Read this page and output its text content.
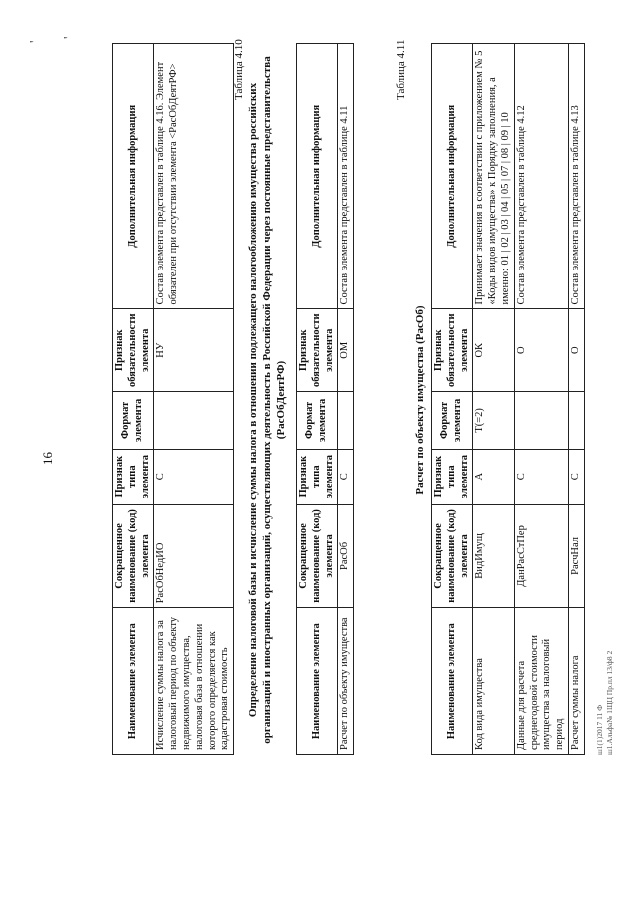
16
'
'
Наименование элемента	Сокращенное наименование (код) элемента	Признак типа элемента	Формат элемента	Признак обязательности элемента	Дополнительная информация
Исчисление суммы налога за налоговый период по объекту недвижимого имущества, налоговая база в отношении которого определяется как кадастровая стоимость	РасОбНедИО	С		НУ	Состав элемента представлен в таблице 4.16. Элемент обязателен при отсутствии элемента <РасОбДеятРФ>	Таблица 4.10
Определение налоговой базы и исчисление суммы налога в отношении подлежащего налогообложению имущества российских организаций и иностранных организаций, осуществляющих деятельность в Российской Федерации через постоянные представительства (РасОбДеятРФ)
Наименование элемента	Сокращенное наименование (код) элемента	Признак типа элемента	Формат элемента	Признак обязательности элемента	Дополнительная информация
Расчет по объекту имущества	РасОб	С		ОМ	Состав элемента представлен в таблице 4.11
Таблица 4.11
Расчет по объекту имущества (РасОб)
Наименование элемента	Сокращенное наименование (код) элемента	Признак типа элемента	Формат элемента	Признак обязательности элемента	Дополнительная информация
Код вида имущества	ВидИмущ	А	Т(=2)	ОК	Принимает значения в соответствии с приложением № 5 «Коды видов имущества» к Порядку заполнения, а именно: 01 | 02 | 03 | 04 | 05 | 07 | 08 | 09 | 10
Данные для расчета среднегодовой стоимости имущества за налоговый период	ДанРасСтПер	С		О	Состав элемента представлен в таблице 4.12
Расчет суммы налога	РасчНал	С		О	Состав элемента представлен в таблице 4.13
ш1(1)2017 11 Ф ш1.Альфа№ 1ЩЦ Пр.пл 13/ф8 2
